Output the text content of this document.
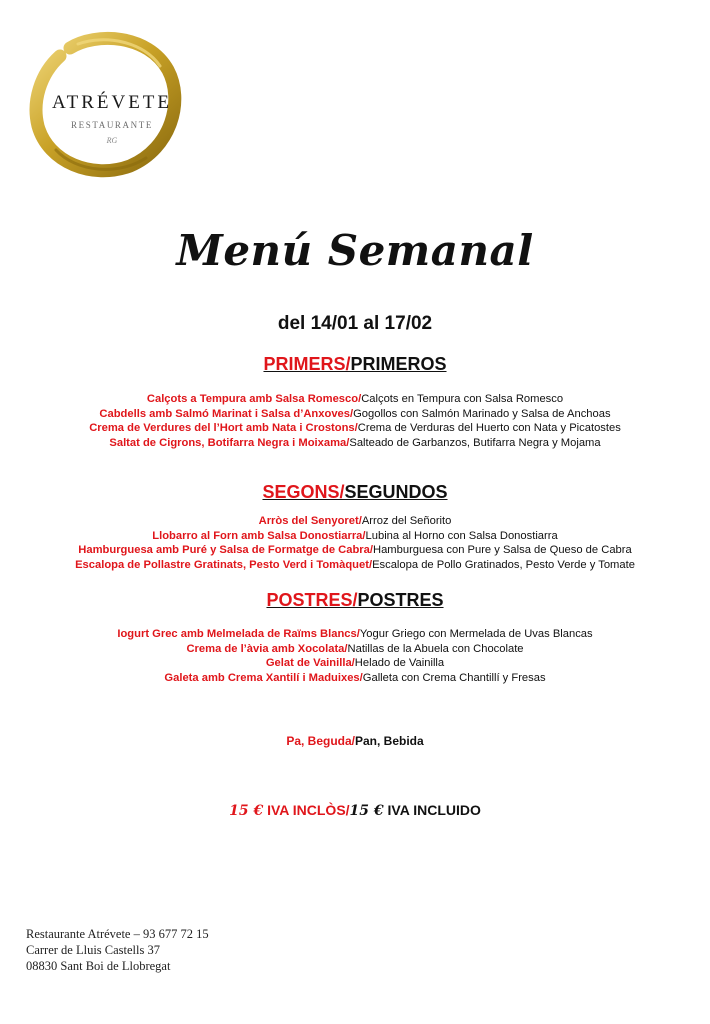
ATRÉVETE
RESTAURANTE
RG
Menú Semanal
del 14/01 al 17/02
PRIMERS/PRIMEROS
Calçots a Tempura amb Salsa Romesco/Calçots en Tempura con Salsa Romesco
Cabdells amb Salmó Marinat i Salsa d’Anxoves/Gogollos con Salmón Marinado y Salsa de Anchoas
Crema de Verdures del l’Hort amb Nata i Crostons/Crema de Verduras del Huerto con Nata y Picatostes
Saltat de Cigrons, Botifarra Negra i Moixama/Salteado de Garbanzos, Butifarra Negra y Mojama
SEGONS/SEGUNDOS
Arròs del Senyoret/Arroz del Señorito
Llobarro al Forn amb Salsa Donostiarra/Lubina al Horno con Salsa Donostiarra
Hamburguesa amb Puré y Salsa de Formatge de Cabra/Hamburguesa con Pure y Salsa de Queso de Cabra
Escalopa de Pollastre Gratinats, Pesto Verd i Tomàquet/Escalopa de Pollo Gratinados, Pesto Verde y Tomate
POSTRES/POSTRES
Iogurt Grec amb Melmelada de Raïms Blancs/Yogur Griego con Mermelada de Uvas Blancas
Crema de l’àvia amb Xocolata/Natillas de la Abuela con Chocolate
Gelat de Vainilla/Helado de Vainilla
Galeta amb Crema Xantilí i Maduixes/Galleta con Crema Chantillí y Fresas
Pa, Beguda/Pan, Bebida
15 € IVA INCLÒS/15 € IVA INCLUIDO
Restaurante Atrévete – 93 677 72 15
Carrer de Lluis Castells 37
08830 Sant Boi de Llobregat
